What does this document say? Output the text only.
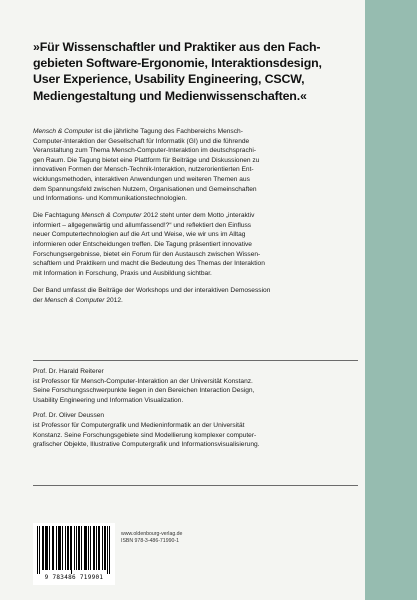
»Für Wissenschaftler und Praktiker aus den Fach-
gebieten Software-Ergonomie, Interaktionsdesign,
User Experience, Usability Engineering, CSCW,
Mediengestaltung und Medienwissenschaften.«

Mensch & Computer ist die jährliche Tagung des Fachbereichs Mensch-
Computer-Interaktion der Gesellschaft für Informatik (GI) und die führende
Veranstaltung zum Thema Mensch-Computer-Interaktion im deutschsprachi-
gen Raum. Die Tagung bietet eine Plattform für Beiträge und Diskussionen zu
innovativen Formen der Mensch-Technik-Interaktion, nutzerorientierten Ent-
wicklungsmethoden, interaktiven Anwendungen und weiteren Themen aus
dem Spannungsfeld zwischen Nutzern, Organisationen und Gemeinschaften
und Informations- und Kommunikationstechnologien.

Die Fachtagung Mensch & Computer 2012 steht unter dem Motto „interaktiv
informiert – allgegenwärtig und allumfassend!?“ und reflektiert den Einfluss
neuer Computertechnologien auf die Art und Weise, wie wir uns im Alltag
informieren oder Entscheidungen treffen. Die Tagung präsentiert innovative
Forschungsergebnisse, bietet ein Forum für den Austausch zwischen Wissen-
schaftlern und Praktikern und macht die Bedeutung des Themas der Interaktion
mit Information in Forschung, Praxis und Ausbildung sichtbar.

Der Band umfasst die Beiträge der Workshops und der interaktiven Demosession
der Mensch & Computer 2012.

Prof. Dr. Harald Reiterer
ist Professor für Mensch-Computer-Interaktion an der Universität Konstanz.
Seine Forschungsschwerpunkte liegen in den Bereichen Interaction Design,
Usability Engineering und Information Visualization.
Prof. Dr. Oliver Deussen
ist Professor für Computergrafik und Medieninformatik an der Universität
Konstanz. Seine Forschungsgebiete sind Modellierung komplexer computer-
grafischer Objekte, Illustrative Computergrafik und Informationsvisualisierung.
9 783486 719901
www.oldenbourg-verlag.de
ISBN 978-3-486-71990-1
